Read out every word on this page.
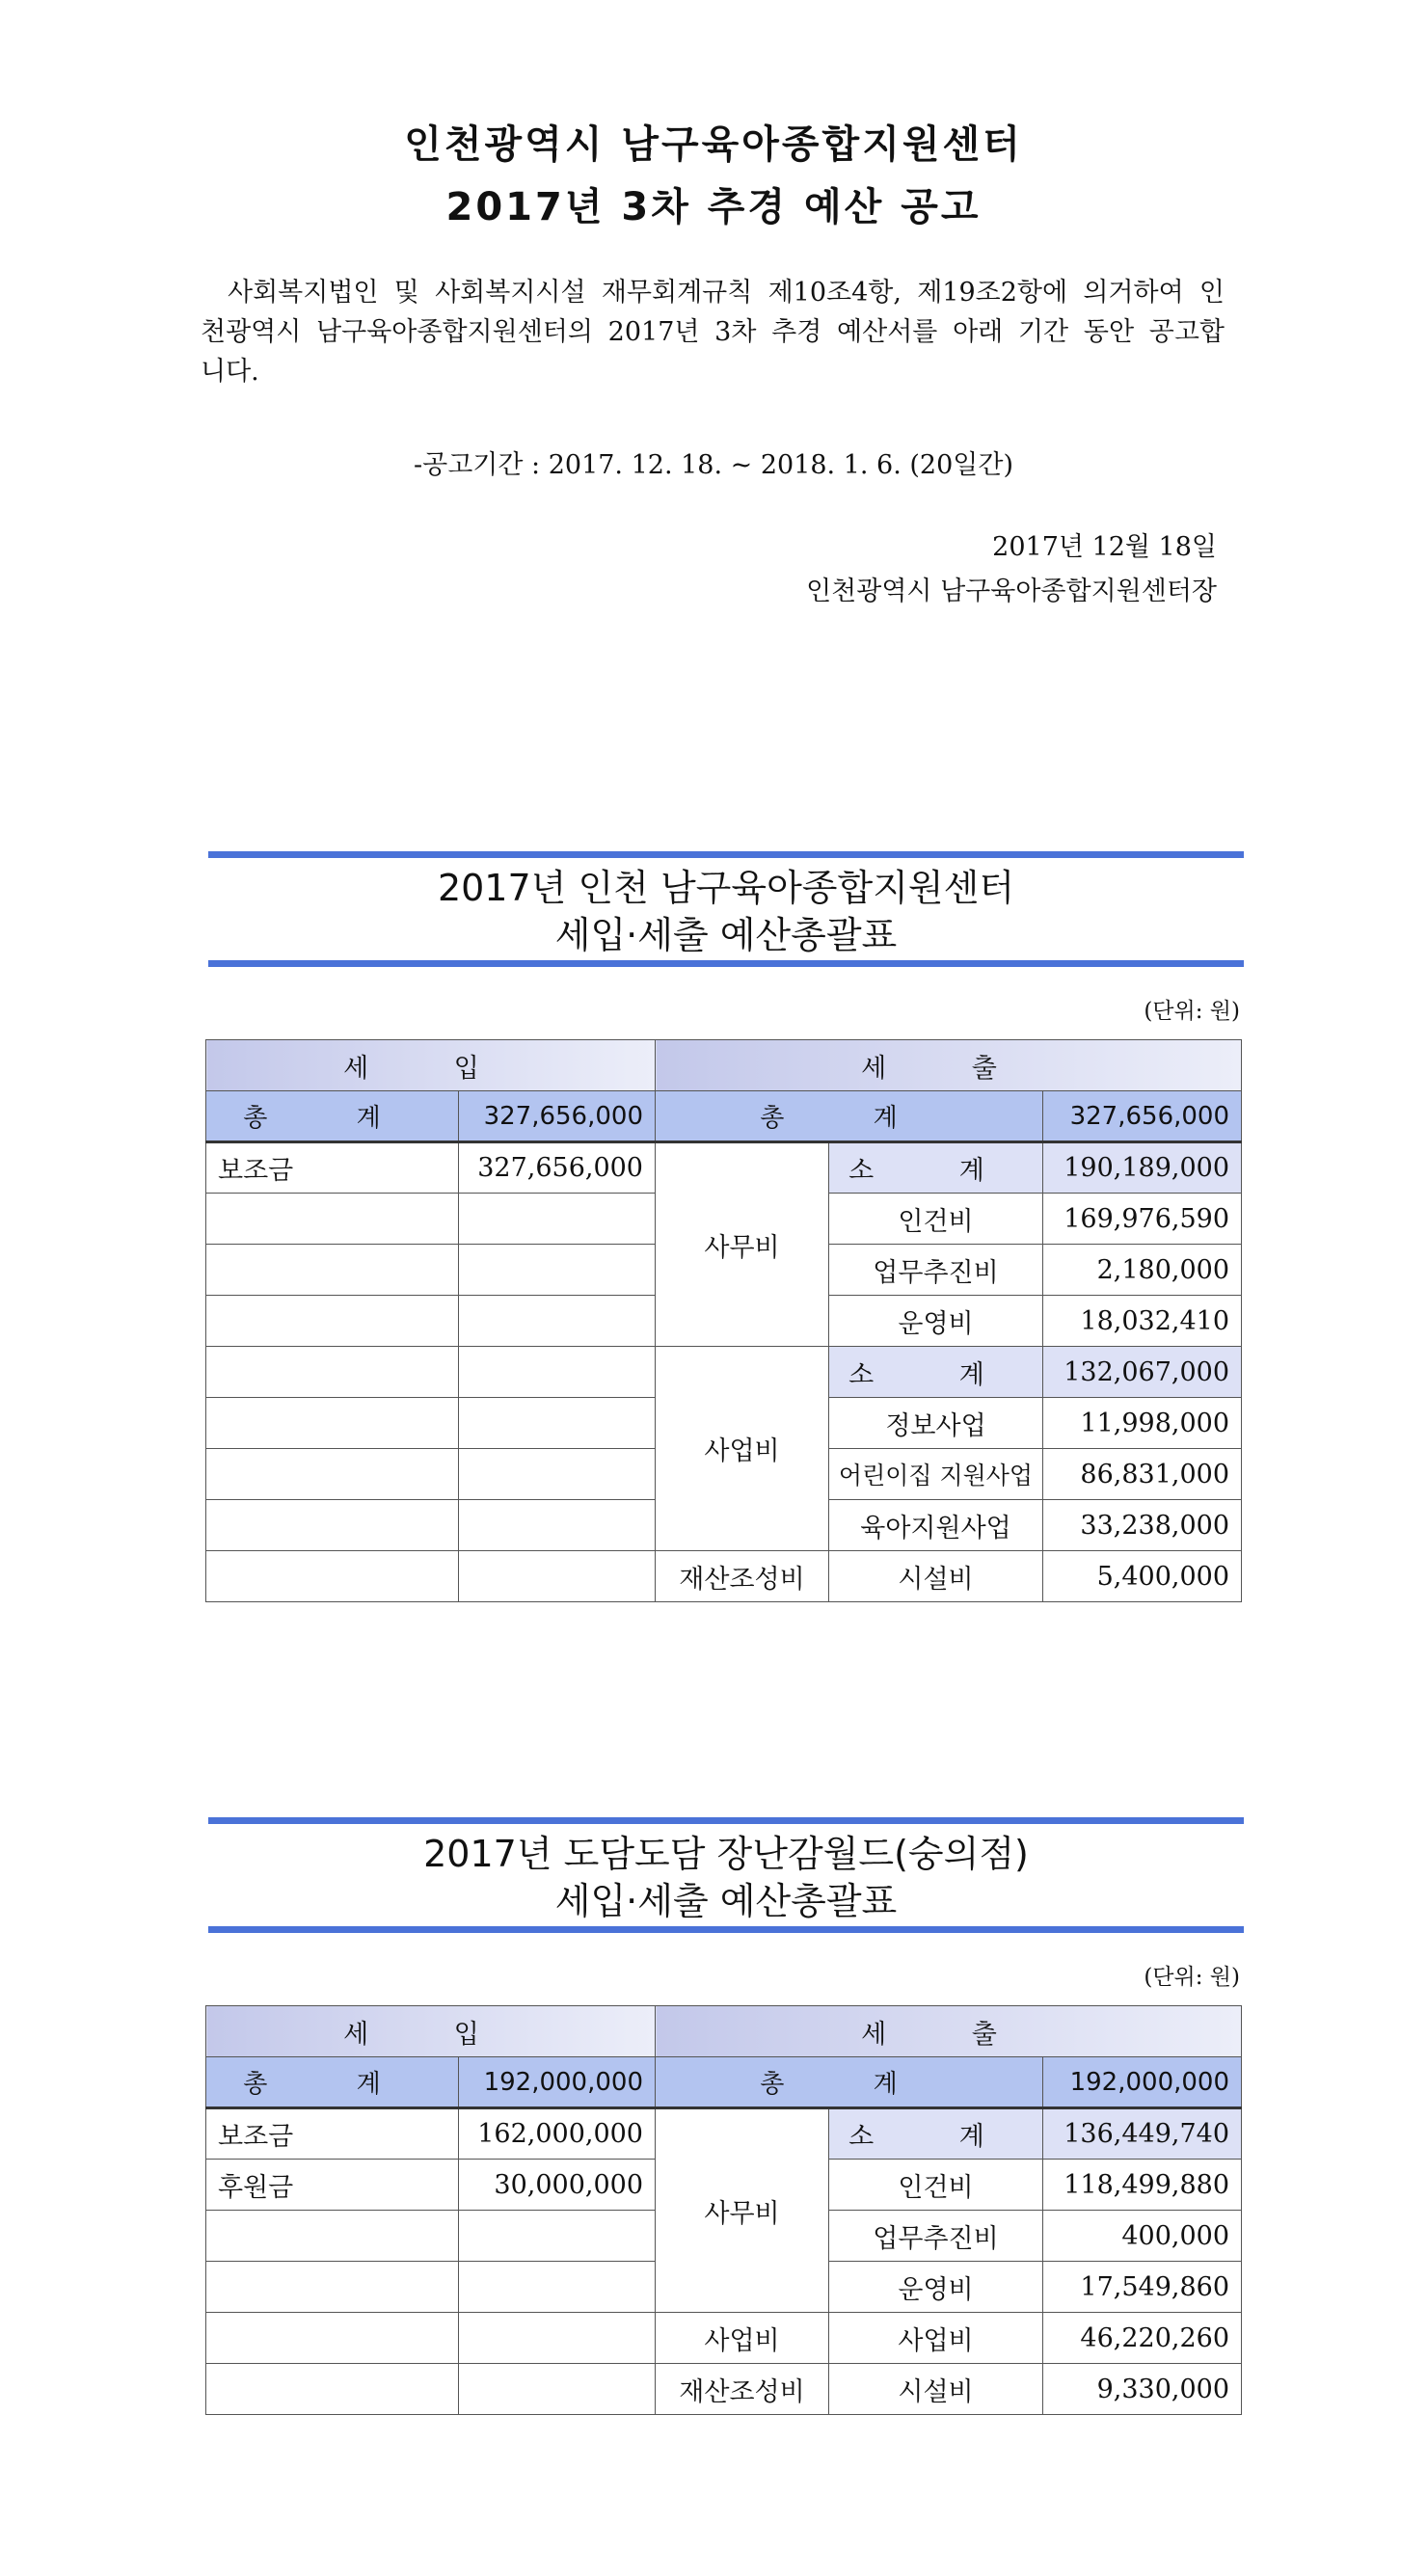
인천광역시 남구육아종합지원센터
2017년 3차 추경 예산 공고
사회복지법인 및 사회복지시설 재무회계규칙 제10조4항, 제19조2항에 의거하여 인천광역시 남구육아종합지원센터의 2017년 3차 추경 예산서를 아래 기간 동안 공고합니다.
-공고기간 : 2017. 12. 18. ~ 2018. 1. 6. (20일간)
2017년 12월 18일
인천광역시 남구육아종합지원센터장
2017년 인천 남구육아종합지원센터
세입·세출 예산총괄표
(단위: 원)
세 입		세 출		
총 계	327,656,000	총 계		327,656,000
보조금	327,656,000	사무비	소 계	190,189,000
			인건비	169,976,590
			업무추진비	2,180,000
			운영비	18,032,410
		사업비	소 계	132,067,000
			정보사업	11,998,000
			어린이집 지원사업	86,831,000
			육아지원사업	33,238,000
		재산조성비	시설비	5,400,000
2017년 도담도담 장난감월드(숭의점)
세입·세출 예산총괄표
(단위: 원)
세 입		세 출		
총 계	192,000,000	총 계		192,000,000
보조금	162,000,000	사무비	소 계	136,449,740
후원금	30,000,000		인건비	118,499,880
			업무추진비	400,000
			운영비	17,549,860
		사업비	사업비	46,220,260
		재산조성비	시설비	9,330,000
